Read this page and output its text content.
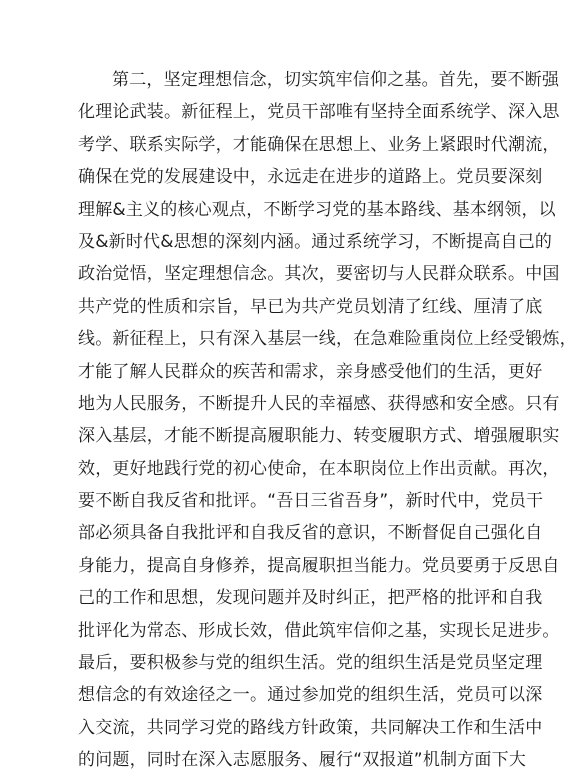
第二，坚定理想信念，切实筑牢信仰之基。首先，要不断强
化理论武装。新征程上，党员干部唯有坚持全面系统学、深入思
考学、联系实际学，才能确保在思想上、业务上紧跟时代潮流，
确保在党的发展建设中，永远走在进步的道路上。党员要深刻
理解&主义的核心观点，不断学习党的基本路线、基本纲领，以
及&新时代&思想的深刻内涵。通过系统学习，不断提高自己的
政治觉悟，坚定理想信念。其次，要密切与人民群众联系。中国
共产党的性质和宗旨，早已为共产党员划清了红线、厘清了底
线。新征程上，只有深入基层一线，在急难险重岗位上经受锻炼，
才能了解人民群众的疾苦和需求，亲身感受他们的生活，更好
地为人民服务，不断提升人民的幸福感、获得感和安全感。只有
深入基层，才能不断提高履职能力、转变履职方式、增强履职实
效，更好地践行党的初心使命，在本职岗位上作出贡献。再次，
要不断自我反省和批评。“吾日三省吾身”，新时代中，党员干
部必须具备自我批评和自我反省的意识，不断督促自己强化自
身能力，提高自身修养，提高履职担当能力。党员要勇于反思自
己的工作和思想，发现问题并及时纠正，把严格的批评和自我
批评化为常态、形成长效，借此筑牢信仰之基，实现长足进步。
最后，要积极参与党的组织生活。党的组织生活是党员坚定理
想信念的有效途径之一。通过参加党的组织生活，党员可以深
入交流，共同学习党的路线方针政策，共同解决工作和生活中
的问题，同时在深入志愿服务、履行“双报道”机制方面下大
